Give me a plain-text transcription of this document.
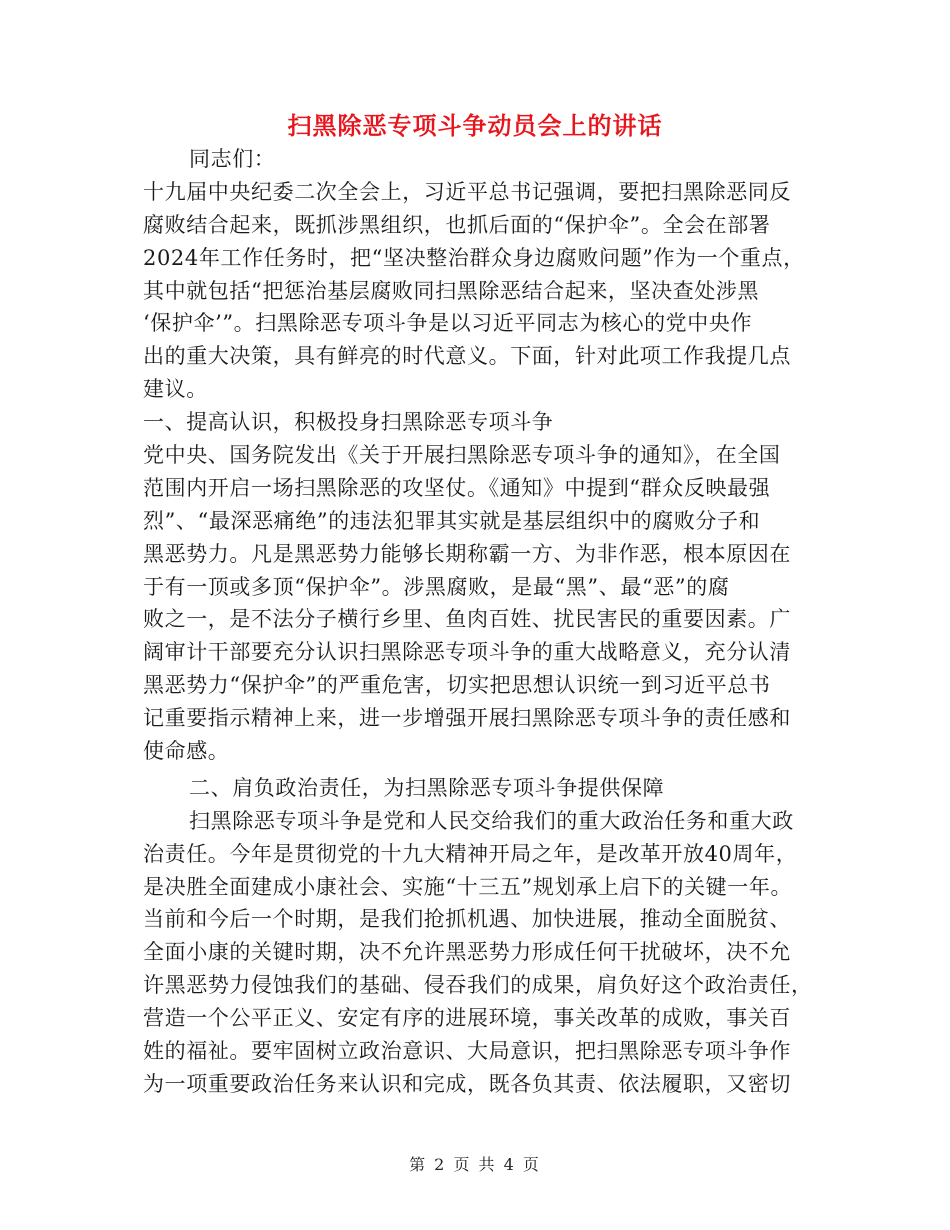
扫黑除恶专项斗争动员会上的讲话
同志们：
十九届中央纪委二次全会上，习近平总书记强调，要把扫黑除恶同反
腐败结合起来，既抓涉黑组织，也抓后面的“保护伞”。全会在部署
2024年工作任务时，把“坚决整治群众身边腐败问题”作为一个重点，
其中就包括“把惩治基层腐败同扫黑除恶结合起来，坚决查处涉黑
‘保护伞’”。扫黑除恶专项斗争是以习近平同志为核心的党中央作
出的重大决策，具有鲜亮的时代意义。下面，针对此项工作我提几点
建议。
一、提高认识，积极投身扫黑除恶专项斗争
党中央、国务院发出《关于开展扫黑除恶专项斗争的通知》，在全国
范围内开启一场扫黑除恶的攻坚仗。《通知》中提到“群众反映最强
烈”、“最深恶痛绝”的违法犯罪其实就是基层组织中的腐败分子和
黑恶势力。凡是黑恶势力能够长期称霸一方、为非作恶，根本原因在
于有一顶或多顶“保护伞”。涉黑腐败，是最“黑”、最“恶”的腐
败之一，是不法分子横行乡里、鱼肉百姓、扰民害民的重要因素。广
阔审计干部要充分认识扫黑除恶专项斗争的重大战略意义，充分认清
黑恶势力“保护伞”的严重危害，切实把思想认识统一到习近平总书
记重要指示精神上来，进一步增强开展扫黑除恶专项斗争的责任感和
使命感。
二、肩负政治责任，为扫黑除恶专项斗争提供保障
扫黑除恶专项斗争是党和人民交给我们的重大政治任务和重大政
治责任。今年是贯彻党的十九大精神开局之年，是改革开放40周年，
是决胜全面建成小康社会、实施“十三五”规划承上启下的关键一年。
当前和今后一个时期，是我们抢抓机遇、加快进展，推动全面脱贫、
全面小康的关键时期，决不允许黑恶势力形成任何干扰破坏，决不允
许黑恶势力侵蚀我们的基础、侵吞我们的成果，肩负好这个政治责任，
营造一个公平正义、安定有序的进展环境，事关改革的成败，事关百
姓的福祉。要牢固树立政治意识、大局意识，把扫黑除恶专项斗争作
为一项重要政治任务来认识和完成，既各负其责、依法履职，又密切
第 2 页 共 4 页
